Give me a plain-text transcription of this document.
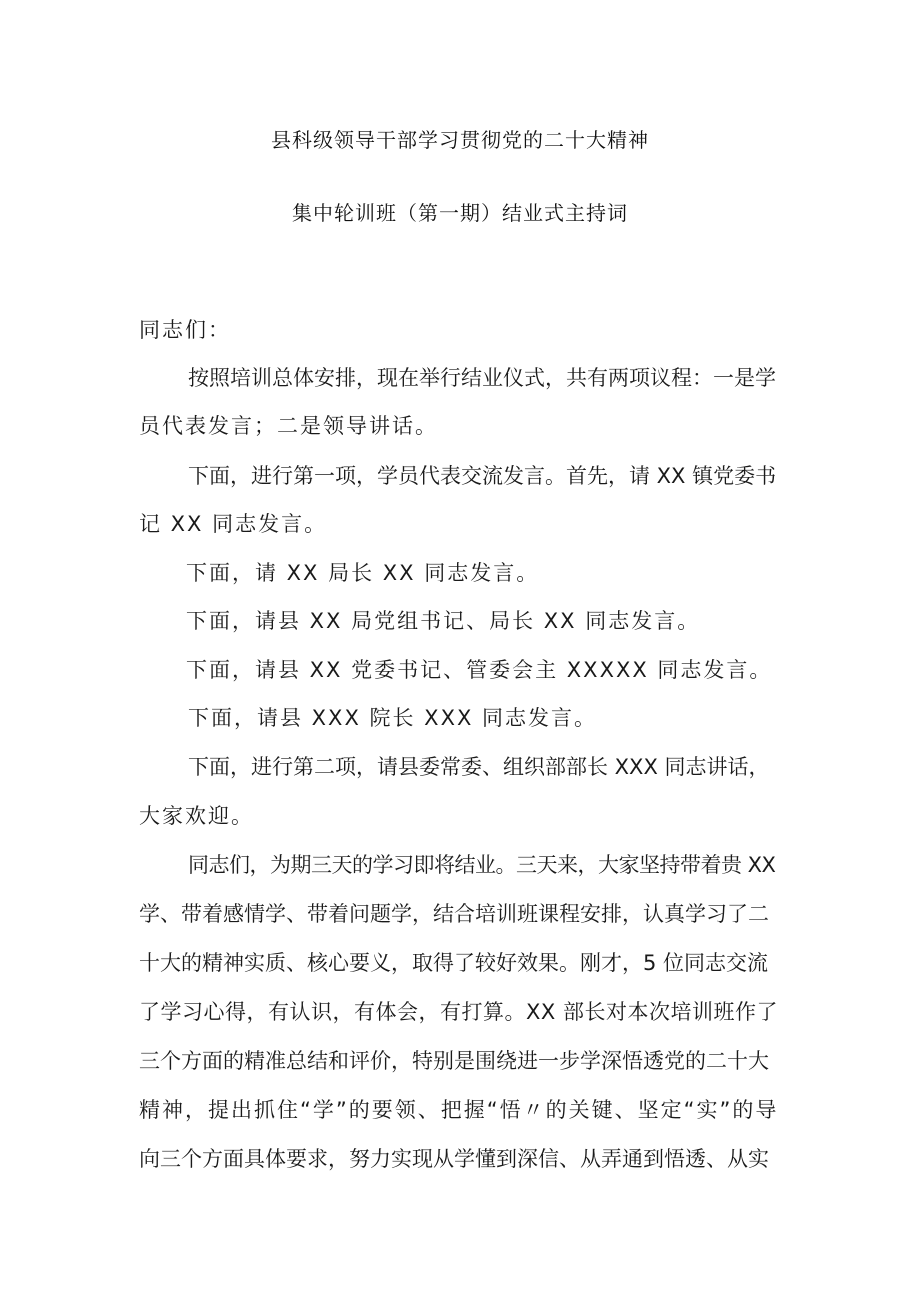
县科级领导干部学习贯彻党的二十大精神
集中轮训班（第一期）结业式主持词
同志们：
按照培训总体安排，现在举行结业仪式，共有两项议程：一是学
员代表发言；二是领导讲话。
下面，进行第一项，学员代表交流发言。首先，请 XX 镇党委书
记 XX 同志发言。
下面，请 XX 局长 XX 同志发言。
下面，请县 XX 局党组书记、局长 XX 同志发言。
下面，请县 XX 党委书记、管委会主 XXXXX 同志发言。
下面，请县 XXX 院长 XXX 同志发言。
下面，进行第二项，请县委常委、组织部部长 XXX 同志讲话，
大家欢迎。
同志们，为期三天的学习即将结业。三天来，大家坚持带着贵 XX
学、带着感情学、带着问题学，结合培训班课程安排，认真学习了二
十大的精神实质、核心要义，取得了较好效果。刚才，5 位同志交流
了学习心得，有认识，有体会，有打算。XX 部长对本次培训班作了
三个方面的精准总结和评价，特别是围绕进一步学深悟透党的二十大
精神，提出抓住“学”的要领、把握“悟〃的关键、坚定“实”的导
向三个方面具体要求，努力实现从学懂到深信、从弄通到悟透、从实
